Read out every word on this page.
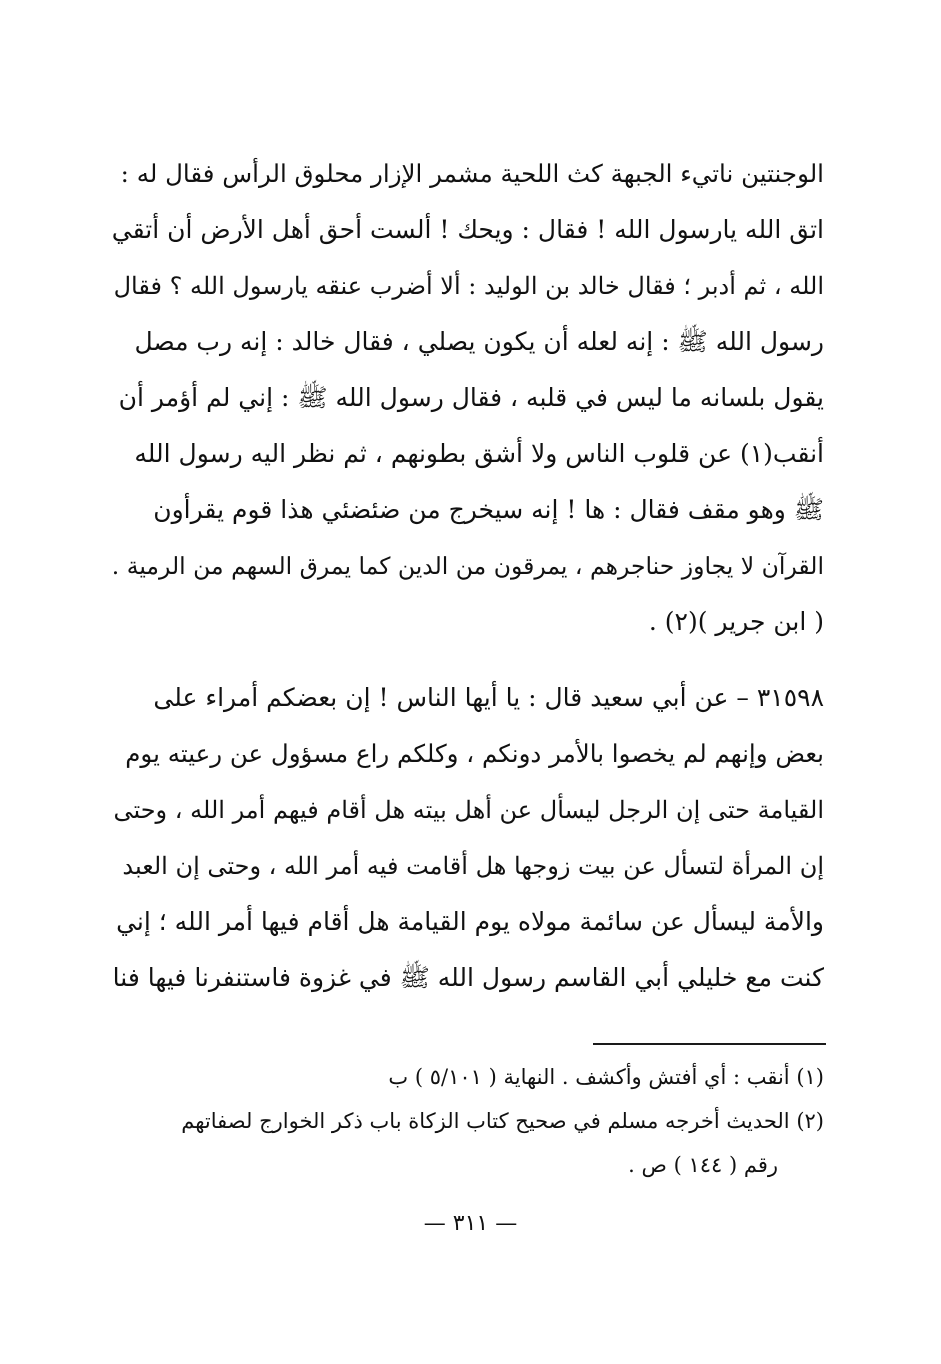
الوجنتين ناتيء الجبهة كث اللحية مشمر الإزار محلوق الرأس فقال له :
اتق الله يارسول الله ! فقال : ويحك ! ألست أحق أهل الأرض أن أتقي
الله ، ثم أدبر ؛ فقال خالد بن الوليد : ألا أضرب عنقه يارسول الله ؟ فقال
رسول الله ﷺ : إنه لعله أن يكون يصلي ، فقال خالد : إنه رب مصل
يقول بلسانه ما ليس في قلبه ، فقال رسول الله ﷺ : إني لم أؤمر أن
أنقب(١) عن قلوب الناس ولا أشق بطونهم ، ثم نظر اليه رسول الله
ﷺ وهو مقف فقال : ها ! إنه سيخرج من ضئضئي هذا قوم يقرأون
القرآن لا يجاوز حناجرهم ، يمرقون من الدين كما يمرق السهم من الرمية .
( ابن جرير )(٢) .
٣١٥٩٨ – عن أبي سعيد قال : يا أيها الناس ! إن بعضكم أمراء على
بعض وإنهم لم يخصوا بالأمر دونكم ، وكلكم راع مسؤول عن رعيته يوم
القيامة حتى إن الرجل ليسأل عن أهل بيته هل أقام فيهم أمر الله ، وحتى
إن المرأة لتسأل عن بيت زوجها هل أقامت فيه أمر الله ، وحتى إن العبد
والأمة ليسأل عن سائمة مولاه يوم القيامة هل أقام فيها أمر الله ؛ إني
كنت مع خليلي أبي القاسم رسول الله ﷺ في غزوة فاستنفرنا فيها فنا
(١) أنقب : أي أفتش وأكشف . النهاية ( ٥/١٠١ ) ب
(٢) الحديث أخرجه مسلم في صحيح كتاب الزكاة باب ذكر الخوارج لصفاتهم
رقم ( ١٤٤ ) ص .
— ٣١١ —
